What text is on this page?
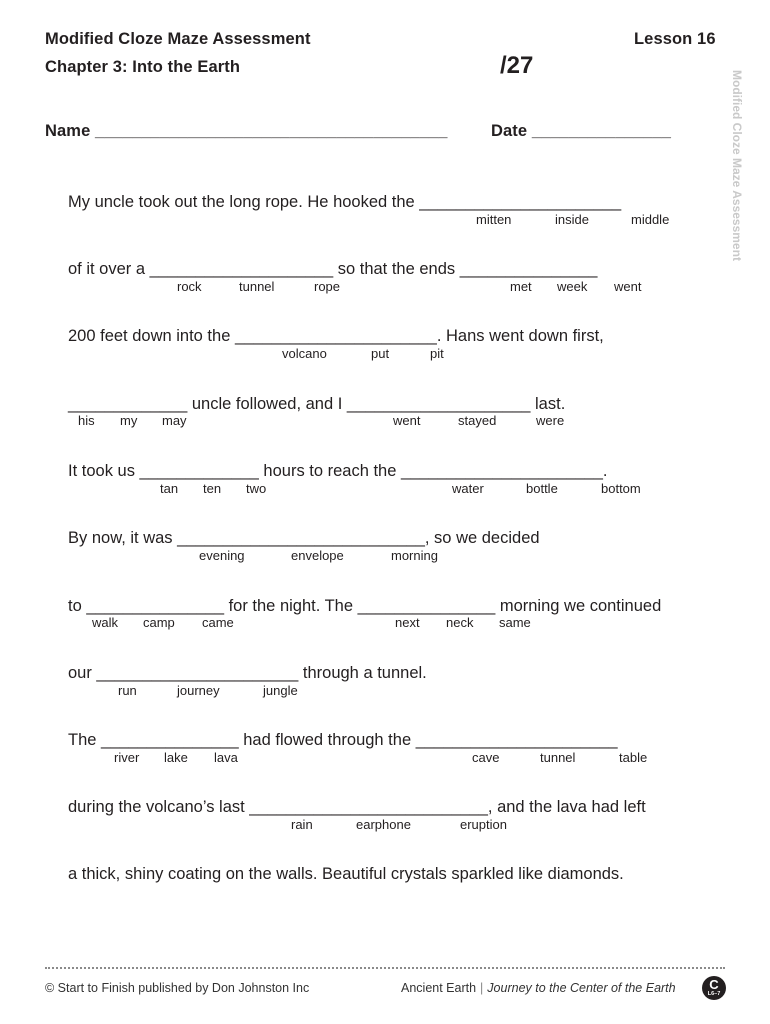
Modified Cloze Maze Assessment	Lesson 16
Chapter 3: Into the Earth	/27
Modified Cloze Maze Assessment
Name ______________________________________	Date _______________
My uncle took out the long rope. He hooked the ______________________
mitten	inside	middle
of it over a ____________________ so that the ends _______________
rock	tunnel	rope	met week went
200 feet down into the ______________________. Hans went down first,
volcano	put	pit
_____________ uncle followed, and I ____________________ last.
his my may	went	stayed	were
It took us _____________ hours to reach the ______________________.
tan ten two	water	bottle	bottom
By now, it was ___________________________, so we decided
evening	envelope	morning
to _______________ for the night. The _______________ morning we continued
walk camp came	next neck same
our ______________________ through a tunnel.
run	journey	jungle
The _______________ had flowed through the ______________________
river lake lava	cave	tunnel	table
during the volcano’s last __________________________, and the lava had left
rain	earphone	eruption
a thick, shiny coating on the walls. Beautiful crystals sparkled like diamonds.
© Start to Finish published by Don Johnston Inc	Ancient Earth | Journey to the Center of the Earth	C
L6–7
